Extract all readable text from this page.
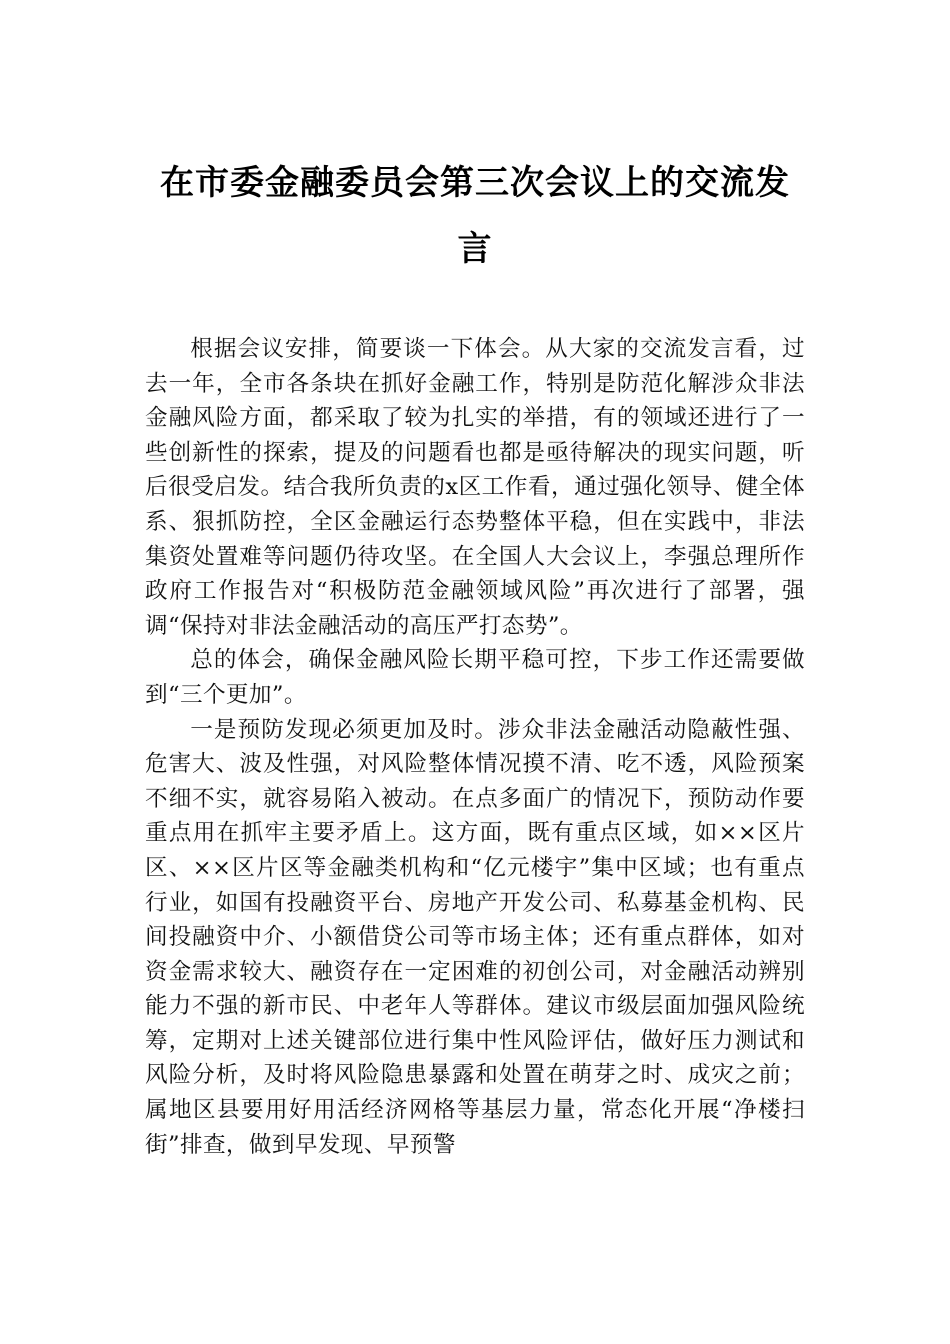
在市委金融委员会第三次会议上的交流发
言

根据会议安排，简要谈一下体会。从大家的交流发言看，过去一年，全市各条块在抓好金融工作，特别是防范化解涉众非法金融风险方面，都采取了较为扎实的举措，有的领域还进行了一些创新性的探索，提及的问题看也都是亟待解决的现实问题，听后很受启发。结合我所负责的x区工作看，通过强化领导、健全体系、狠抓防控，全区金融运行态势整体平稳，但在实践中，非法集资处置难等问题仍待攻坚。在全国人大会议上，李强总理所作政府工作报告对“积极防范金融领域风险”再次进行了部署，强调“保持对非法金融活动的高压严打态势”。

总的体会，确保金融风险长期平稳可控，下步工作还需要做到“三个更加”。

一是预防发现必须更加及时。涉众非法金融活动隐蔽性强、危害大、波及性强，对风险整体情况摸不清、吃不透，风险预案不细不实，就容易陷入被动。在点多面广的情况下，预防动作要重点用在抓牢主要矛盾上。这方面，既有重点区域，如××区片区、××区片区等金融类机构和“亿元楼宇”集中区域；也有重点行业，如国有投融资平台、房地产开发公司、私募基金机构、民间投融资中介、小额借贷公司等市场主体；还有重点群体，如对资金需求较大、融资存在一定困难的初创公司，对金融活动辨别能力不强的新市民、中老年人等群体。建议市级层面加强风险统筹，定期对上述关键部位进行集中性风险评估，做好压力测试和风险分析，及时将风险隐患暴露和处置在萌芽之时、成灾之前；属地区县要用好用活经济网格等基层力量，常态化开展“净楼扫街”排查，做到早发现、早预警
